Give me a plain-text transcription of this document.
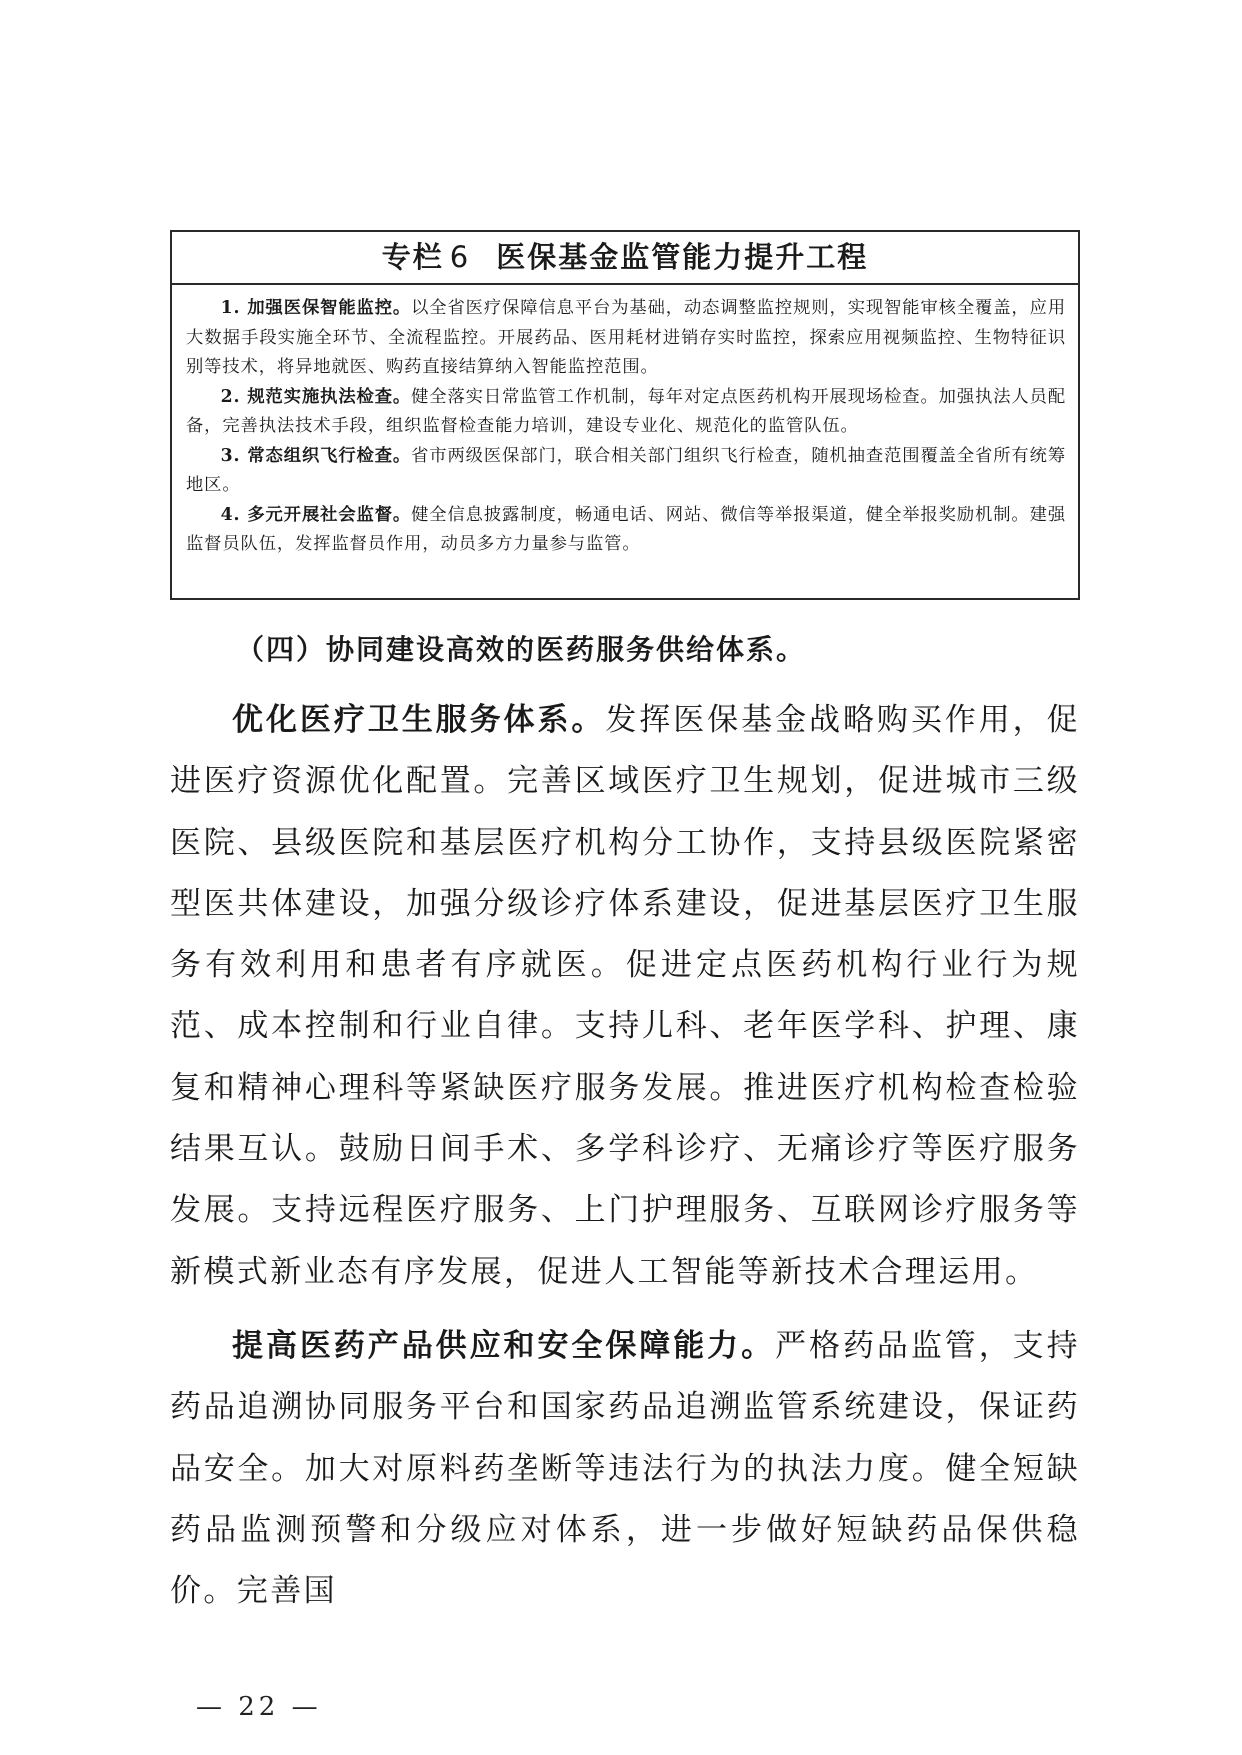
专栏 6 医保基金监管能力提升工程

1. 加强医保智能监控。以全省医疗保障信息平台为基础，动态调整监控规则，实现智能审核全覆盖，应用大数据手段实施全环节、全流程监控。开展药品、医用耗材进销存实时监控，探索应用视频监控、生物特征识别等技术，将异地就医、购药直接结算纳入智能监控范围。

2. 规范实施执法检查。健全落实日常监管工作机制，每年对定点医药机构开展现场检查。加强执法人员配备，完善执法技术手段，组织监督检查能力培训，建设专业化、规范化的监管队伍。

3. 常态组织飞行检查。省市两级医保部门，联合相关部门组织飞行检查，随机抽查范围覆盖全省所有统筹地区。

4. 多元开展社会监督。健全信息披露制度，畅通电话、网站、微信等举报渠道，健全举报奖励机制。建强监督员队伍，发挥监督员作用，动员多方力量参与监管。

（四）协同建设高效的医药服务供给体系。

优化医疗卫生服务体系。发挥医保基金战略购买作用，促进医疗资源优化配置。完善区域医疗卫生规划，促进城市三级医院、县级医院和基层医疗机构分工协作，支持县级医院紧密型医共体建设，加强分级诊疗体系建设，促进基层医疗卫生服务有效利用和患者有序就医。促进定点医药机构行业行为规范、成本控制和行业自律。支持儿科、老年医学科、护理、康复和精神心理科等紧缺医疗服务发展。推进医疗机构检查检验结果互认。鼓励日间手术、多学科诊疗、无痛诊疗等医疗服务发展。支持远程医疗服务、上门护理服务、互联网诊疗服务等新模式新业态有序发展，促进人工智能等新技术合理运用。

提高医药产品供应和安全保障能力。严格药品监管，支持药品追溯协同服务平台和国家药品追溯监管系统建设，保证药品安全。加大对原料药垄断等违法行为的执法力度。健全短缺药品监测预警和分级应对体系，进一步做好短缺药品保供稳价。完善国

— 22 —
